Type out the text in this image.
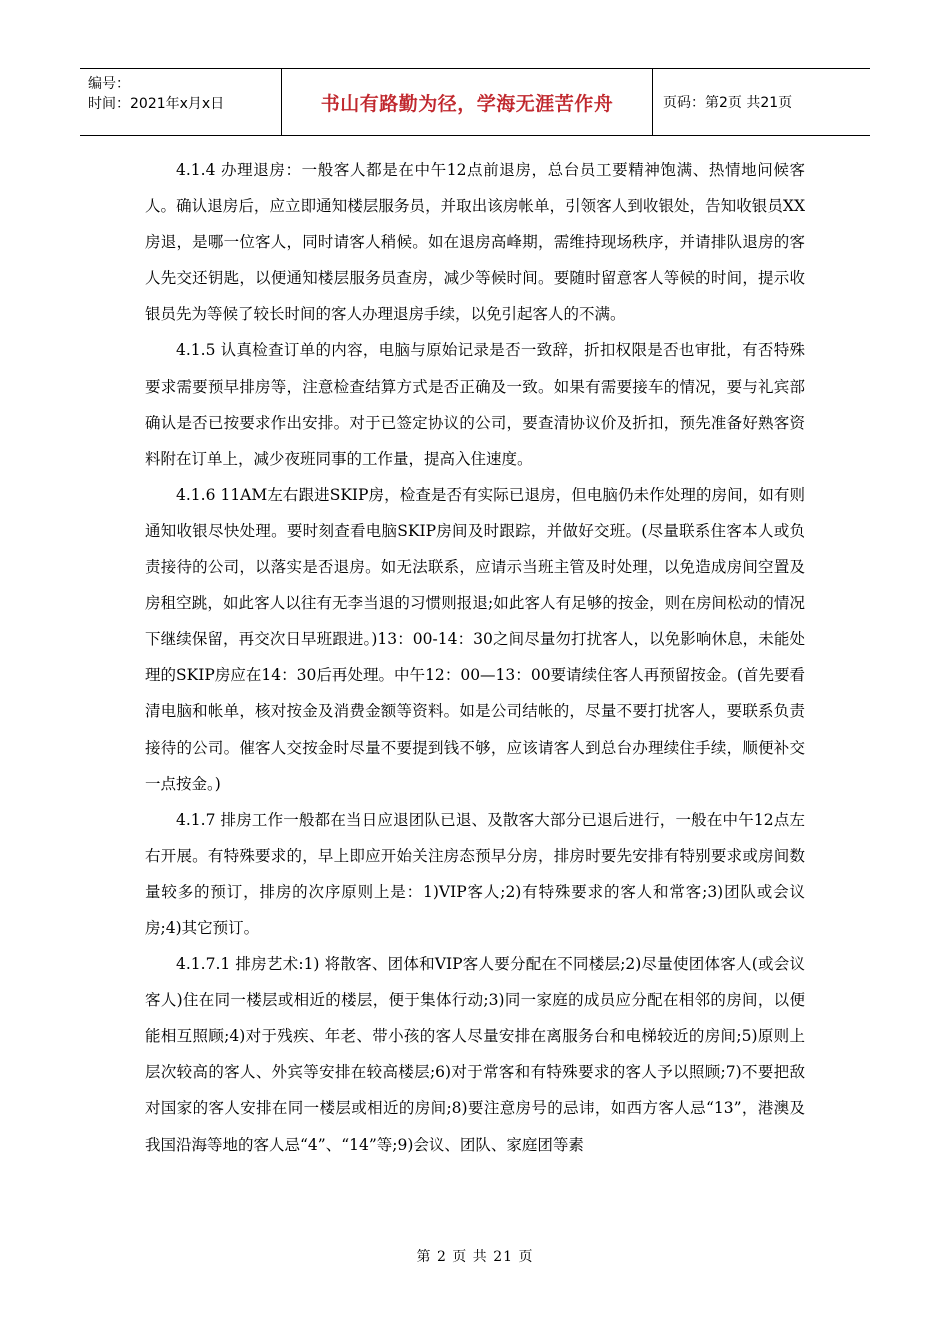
编号：
时间：2021年x月x日	书山有路勤为径，学海无涯苦作舟	页码：第2页 共21页

4.1.4 办理退房：一般客人都是在中午12点前退房，总台员工要精神饱满、热情地问候客人。确认退房后，应立即通知楼层服务员，并取出该房帐单，引领客人到收银处，告知收银员XX房退，是哪一位客人，同时请客人稍候。如在退房高峰期，需维持现场秩序，并请排队退房的客人先交还钥匙，以便通知楼层服务员查房，减少等候时间。要随时留意客人等候的时间，提示收银员先为等候了较长时间的客人办理退房手续，以免引起客人的不满。

4.1.5 认真检查订单的内容，电脑与原始记录是否一致辞，折扣权限是否也审批，有否特殊要求需要预早排房等，注意检查结算方式是否正确及一致。如果有需要接车的情况，要与礼宾部确认是否已按要求作出安排。对于已签定协议的公司，要查清协议价及折扣，预先准备好熟客资料附在订单上，减少夜班同事的工作量，提高入住速度。

4.1.6 11AM左右跟进SKIP房，检查是否有实际已退房，但电脑仍未作处理的房间，如有则通知收银尽快处理。要时刻查看电脑SKIP房间及时跟踪，并做好交班。(尽量联系住客本人或负责接待的公司，以落实是否退房。如无法联系，应请示当班主管及时处理，以免造成房间空置及房租空跳，如此客人以往有无李当退的习惯则报退;如此客人有足够的按金，则在房间松动的情况下继续保留，再交次日早班跟进。)13：00-14：30之间尽量勿打扰客人，以免影响休息，未能处理的SKIP房应在14：30后再处理。中午12：00—13：00要请续住客人再预留按金。(首先要看清电脑和帐单，核对按金及消费金额等资料。如是公司结帐的，尽量不要打扰客人，要联系负责接待的公司。催客人交按金时尽量不要提到钱不够，应该请客人到总台办理续住手续，顺便补交一点按金。)

4.1.7 排房工作一般都在当日应退团队已退、及散客大部分已退后进行，一般在中午12点左右开展。有特殊要求的，早上即应开始关注房态预早分房，排房时要先安排有特别要求或房间数量较多的预订，排房的次序原则上是：1)VIP客人;2)有特殊要求的客人和常客;3)团队或会议房;4)其它预订。

4.1.7.1 排房艺术:1) 将散客、团体和VIP客人要分配在不同楼层;2)尽量使团体客人(或会议客人)住在同一楼层或相近的楼层，便于集体行动;3)同一家庭的成员应分配在相邻的房间，以便能相互照顾;4)对于残疾、年老、带小孩的客人尽量安排在离服务台和电梯较近的房间;5)原则上层次较高的客人、外宾等安排在较高楼层;6)对于常客和有特殊要求的客人予以照顾;7)不要把敌对国家的客人安排在同一楼层或相近的房间;8)要注意房号的忌讳，如西方客人忌“13”，港澳及我国沿海等地的客人忌“4”、“14”等;9)会议、团队、家庭团等素

第 2 页 共 21 页
